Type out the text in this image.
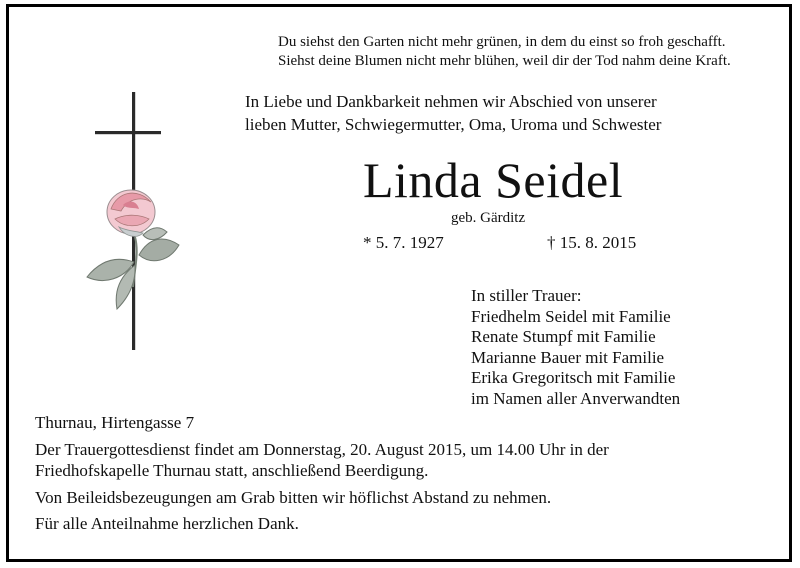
Du siehst den Garten nicht mehr grünen, in dem du einst so froh geschafft.
Siehst deine Blumen nicht mehr blühen, weil dir der Tod nahm deine Kraft.
In Liebe und Dankbarkeit nehmen wir Abschied von unserer
lieben Mutter, Schwiegermutter, Oma, Uroma und Schwester
Linda Seidel
geb. Gärditz
* 5. 7. 1927	† 15. 8. 2015
In stiller Trauer:
Friedhelm Seidel mit Familie
Renate Stumpf mit Familie
Marianne Bauer mit Familie
Erika Gregoritsch mit Familie
im Namen aller Anverwandten
Thurnau, Hirtengasse 7
Der Trauergottesdienst findet am Donnerstag, 20. August 2015, um 14.00 Uhr in der
Friedhofskapelle Thurnau statt, anschließend Beerdigung.
Von Beileidsbezeugungen am Grab bitten wir höflichst Abstand zu nehmen.
Für alle Anteilnahme herzlichen Dank.
